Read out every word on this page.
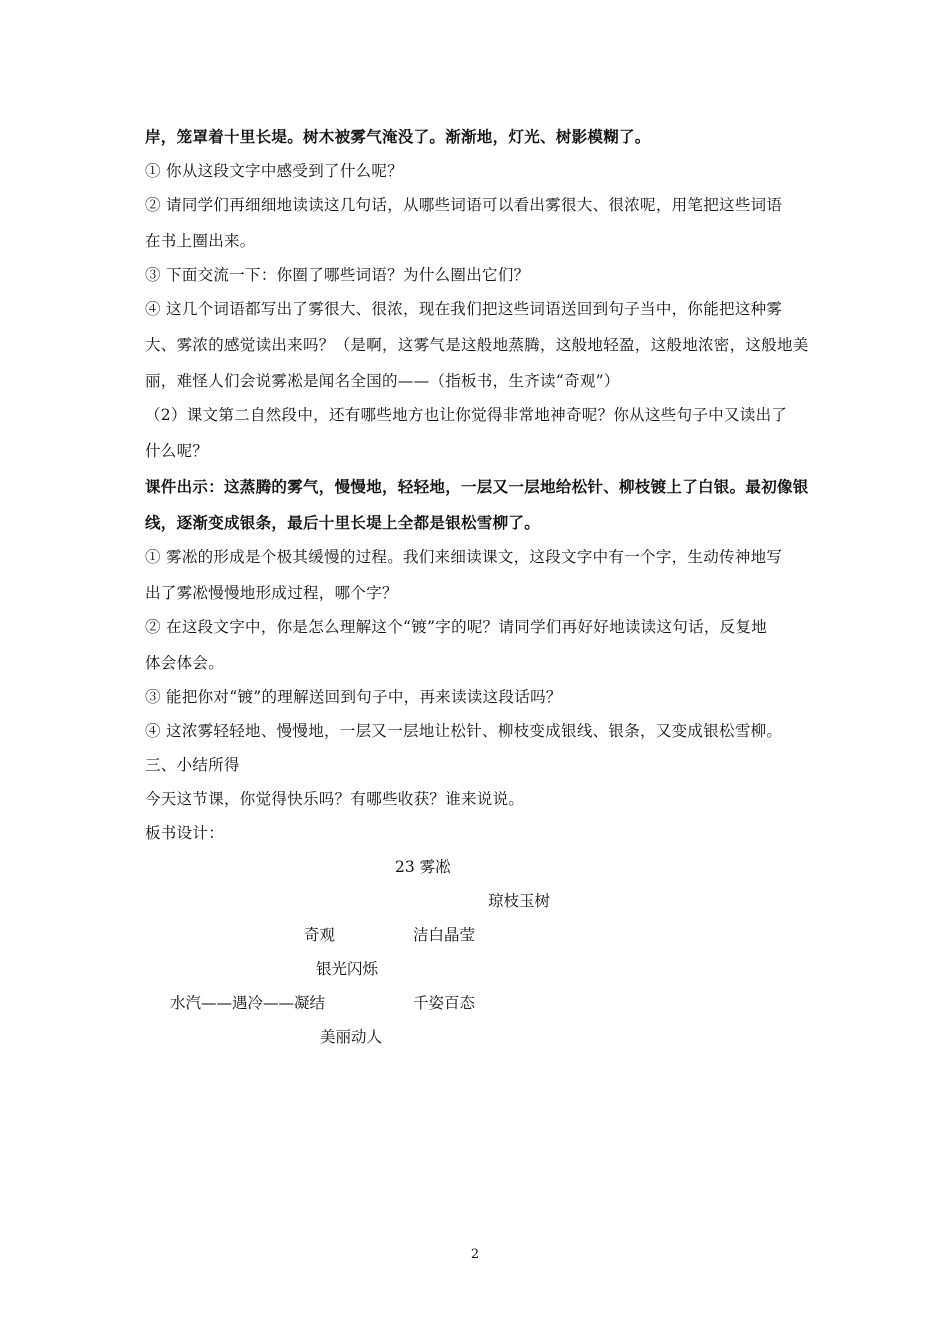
岸，笼罩着十里长堤。树木被雾气淹没了。渐渐地，灯光、树影模糊了。
① 你从这段文字中感受到了什么呢？
② 请同学们再细细地读读这几句话，从哪些词语可以看出雾很大、很浓呢，用笔把这些词语
在书上圈出来。
③ 下面交流一下：你圈了哪些词语？为什么圈出它们？
④ 这几个词语都写出了雾很大、很浓，现在我们把这些词语送回到句子当中，你能把这种雾
大、雾浓的感觉读出来吗？（是啊，这雾气是这般地蒸腾，这般地轻盈，这般地浓密，这般地美
丽，难怪人们会说雾凇是闻名全国的——（指板书，生齐读“奇观”）
（2）课文第二自然段中，还有哪些地方也让你觉得非常地神奇呢？你从这些句子中又读出了
什么呢？
课件出示：这蒸腾的雾气，慢慢地，轻轻地，一层又一层地给松针、柳枝镀上了白银。最初像银
线，逐渐变成银条，最后十里长堤上全都是银松雪柳了。
① 雾凇的形成是个极其缓慢的过程。我们来细读课文，这段文字中有一个字，生动传神地写
出了雾凇慢慢地形成过程，哪个字？
② 在这段文字中，你是怎么理解这个“镀”字的呢？请同学们再好好地读读这句话，反复地
体会体会。
③ 能把你对“镀”的理解送回到句子中，再来读读这段话吗？
④ 这浓雾轻轻地、慢慢地，一层又一层地让松针、柳枝变成银线、银条，又变成银松雪柳。
三、小结所得
今天这节课，你觉得快乐吗？有哪些收获？谁来说说。
板书设计：
23 雾凇
琼枝玉树
奇观	洁白晶莹
银光闪烁
水汽——遇冷——凝结	千姿百态
美丽动人
2
